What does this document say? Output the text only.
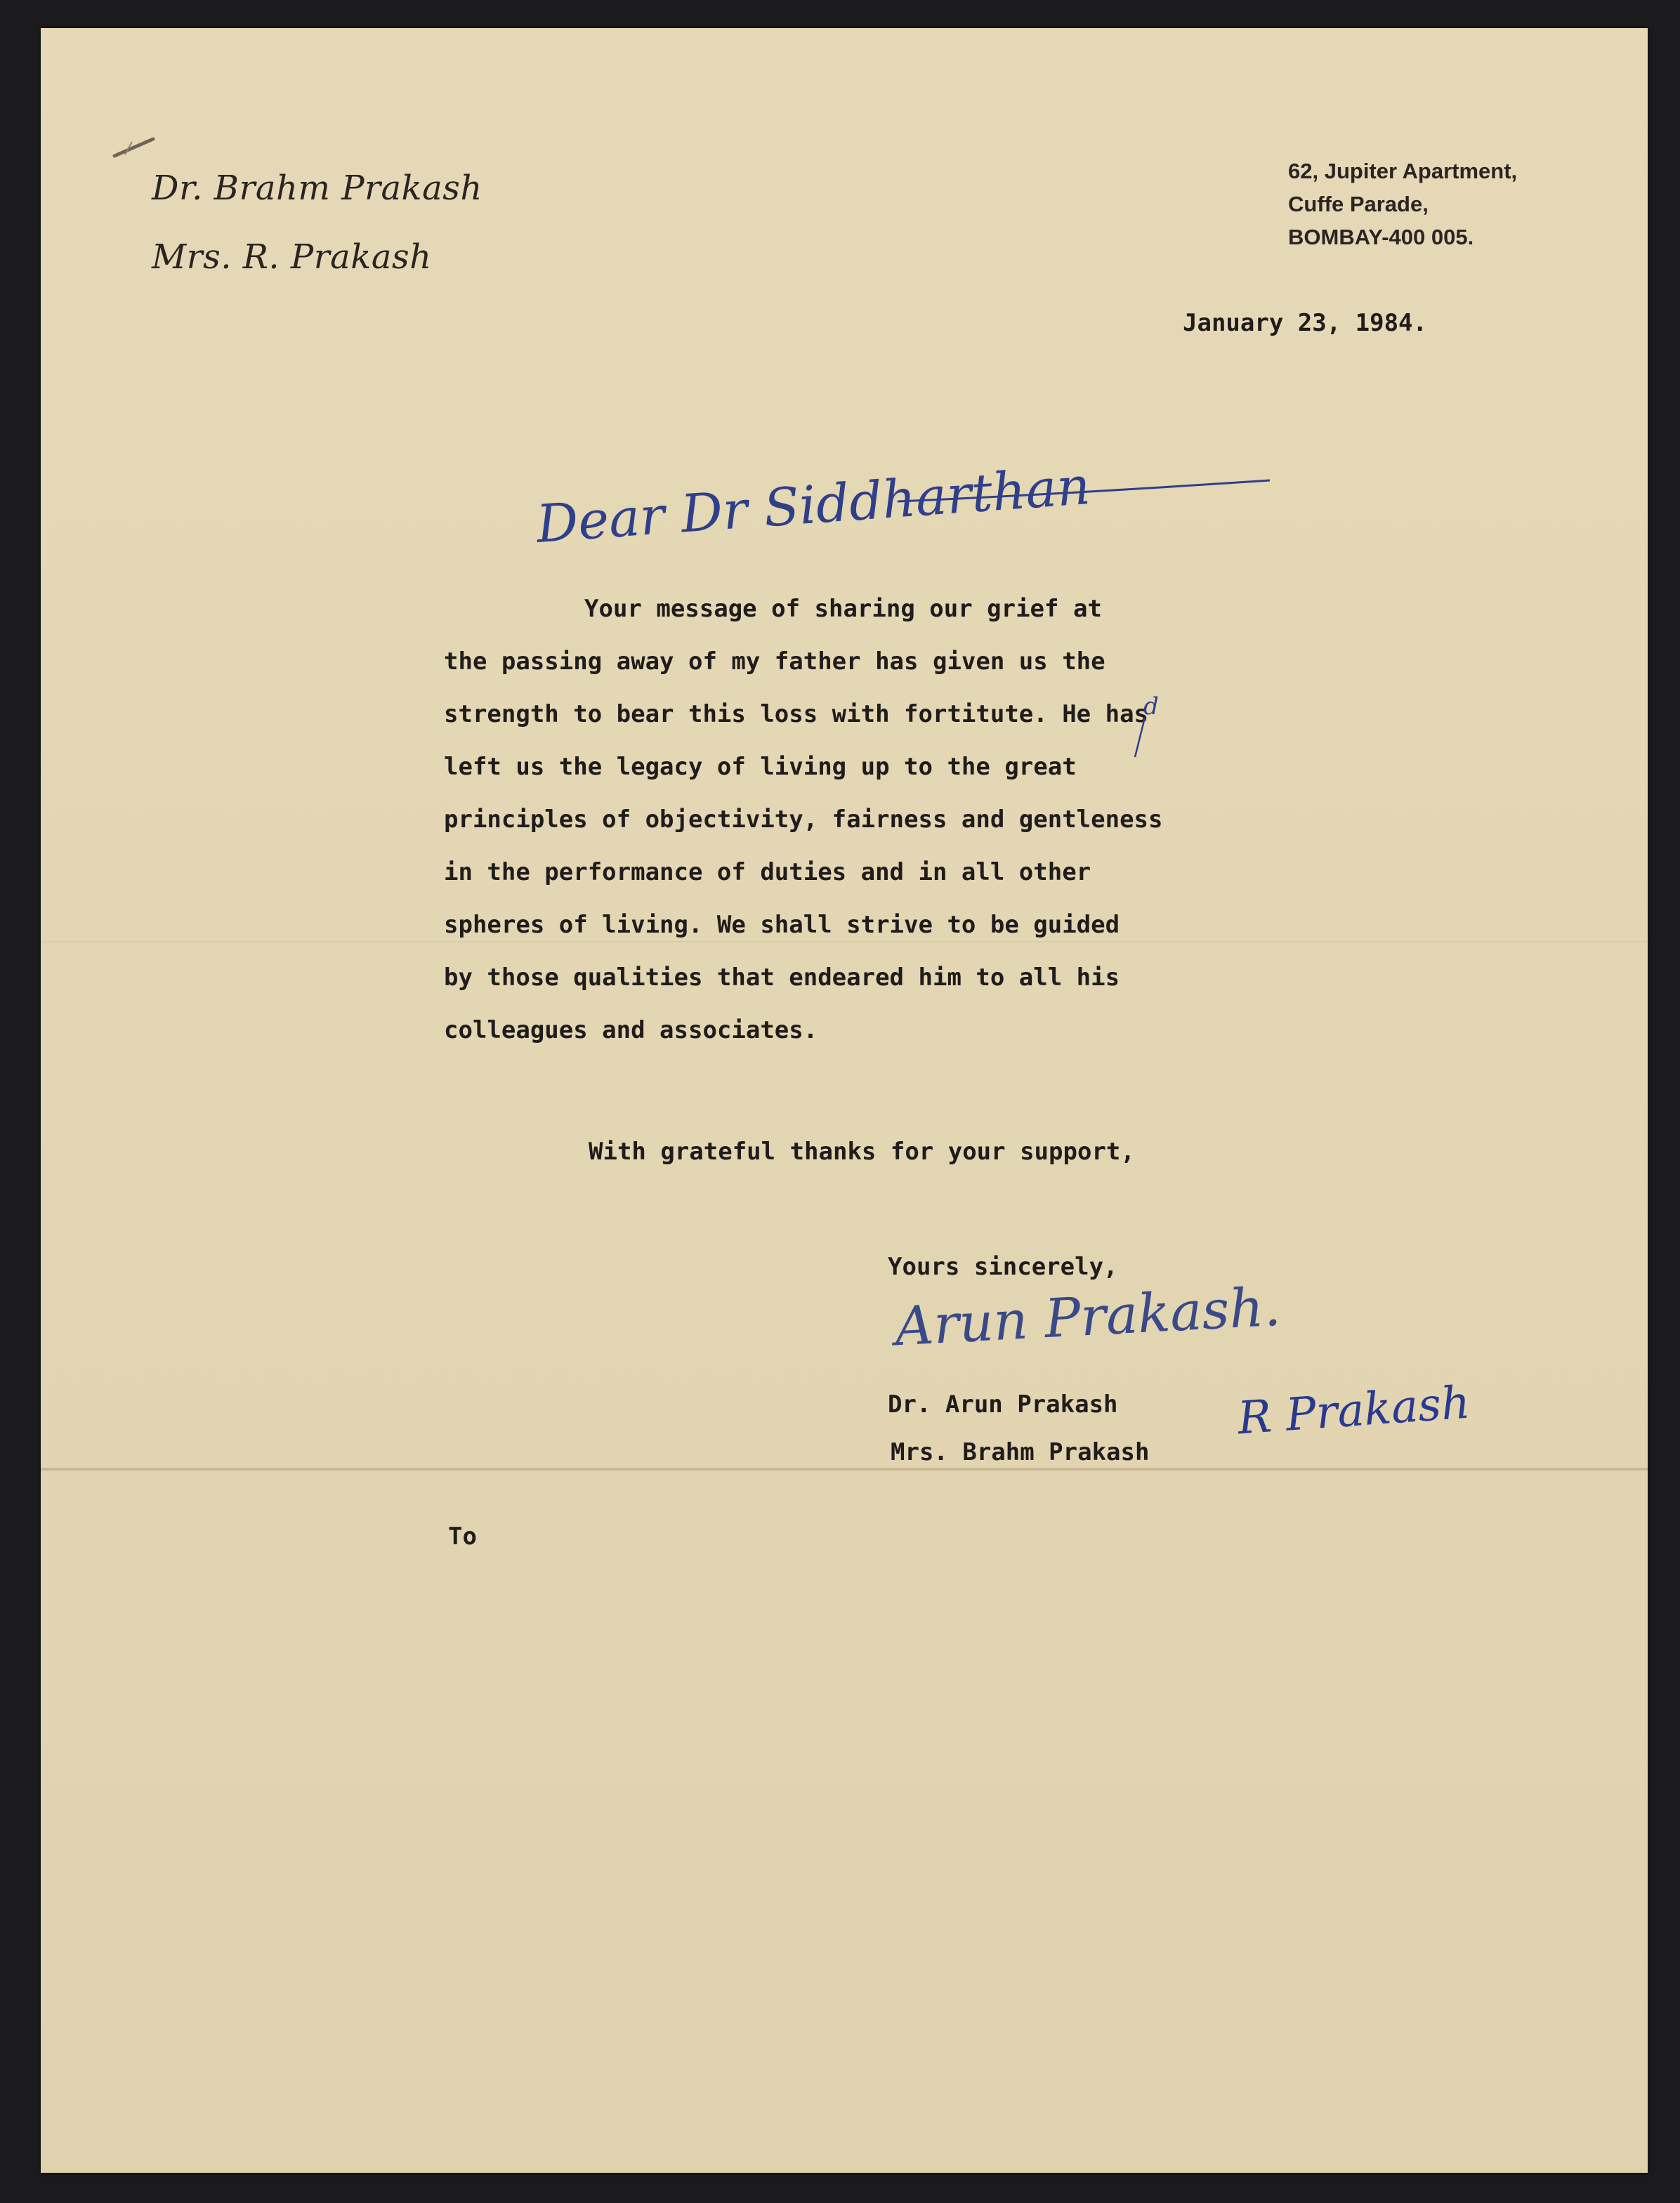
Dr. Brahm Prakash
Mrs. R. Prakash
62, Jupiter Apartment,
Cuffe Parade,
BOMBAY-400 005.
January 23, 1984.
Dear Dr Siddharthan
Your message of sharing our grief at
the passing away of my father has given us the
strength to bear this loss with fortitute. He has
left us the legacy of living up to the great
principles of objectivity, fairness and gentleness
in the performance of duties and in all other
spheres of living. We shall strive to be guided
by those qualities that endeared him to all his
colleagues and associates.
d
With grateful thanks for your support,
Yours sincerely,
Arun Prakash.
R Prakash
Dr. Arun Prakash
Mrs. Brahm Prakash
To
